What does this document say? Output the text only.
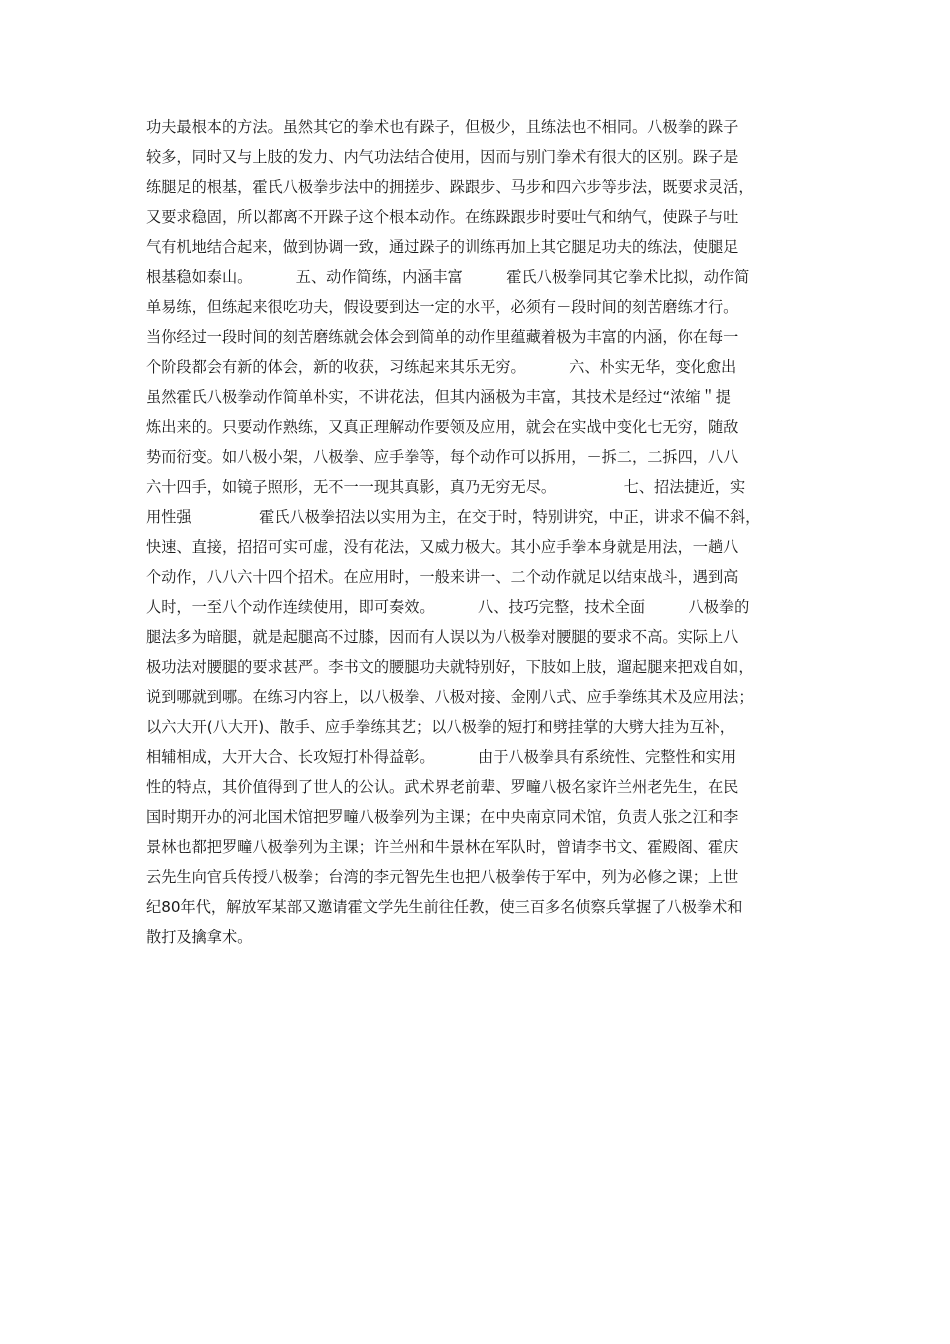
功夫最根本的方法。虽然其它的拳术也有跺子，但极少，且练法也不相同。八极拳的跺子
较多，同时又与上肢的发力、内气功法结合使用，因而与别门拳术有很大的区别。跺子是
练腿足的根基，霍氏八极拳步法中的拥搓步、跺跟步、马步和四六步等步法，既要求灵活，
又要求稳固，所以都离不开跺子这个根本动作。在练跺跟步时要吐气和纳气，使跺子与吐
气有机地结合起来，做到协调一致，通过跺子的训练再加上其它腿足功夫的练法，使腿足
根基稳如泰山。         五、动作简练，内涵丰富         霍氏八极拳同其它拳术比拟，动作简
单易练，但练起来很吃功夫，假设要到达一定的水平，必须有－段时间的刻苦磨练才行。
当你经过一段时间的刻苦磨练就会体会到简单的动作里蕴藏着极为丰富的内涵，你在每一
个阶段都会有新的体会，新的收获，习练起来其乐无穷。         六、朴实无华，变化愈出
虽然霍氏八极拳动作简单朴实，不讲花法，但其内涵极为丰富，其技术是经过“浓缩＂提
炼出来的。只要动作熟练，又真正理解动作要领及应用，就会在实战中变化七无穷，随敌
势而衍变。如八极小架，八极拳、应手拳等，每个动作可以拆用，－拆二，二拆四，八八
六十四手，如镜子照形，无不一一现其真影，真乃无穷无尽。              七、招法捷近，实
用性强              霍氏八极拳招法以实用为主，在交于时，特别讲究，中正，讲求不偏不斜，
快速、直接，招招可实可虚，没有花法，又威力极大。其小应手拳本身就是用法，一趟八
个动作，八八六十四个招术。在应用时，一般来讲一、二个动作就足以结束战斗，遇到高
人时，一至八个动作连续使用，即可奏效。         八、技巧完整，技术全面         八极拳的
腿法多为暗腿，就是起腿高不过膝，因而有人误以为八极拳对腰腿的要求不高。实际上八
极功法对腰腿的要求甚严。李书文的腰腿功夫就特别好，下肢如上肢，遛起腿来把戏自如，
说到哪就到哪。在练习内容上，以八极拳、八极对接、金刚八式、应手拳练其术及应用法；
以六大开(八大开)、散手、应手拳练其艺；以八极拳的短打和劈挂掌的大劈大挂为互补，
相辅相成，大开大合、长攻短打朴得益彰。         由于八极拳具有系统性、完整性和实用
性的特点，其价值得到了世人的公认。武术界老前辈、罗疃八极名家许兰州老先生，在民
国时期开办的河北国术馆把罗疃八极拳列为主课；在中央南京同术馆，负责人张之江和李
景林也都把罗疃八极拳列为主课；许兰州和牛景林在军队时，曾请李书文、霍殿阁、霍庆
云先生向官兵传授八极拳；台湾的李元智先生也把八极拳传于军中，列为必修之课；上世
纪80年代，解放军某部又邀请霍文学先生前往任教，使三百多名侦察兵掌握了八极拳术和
散打及擒拿术。
